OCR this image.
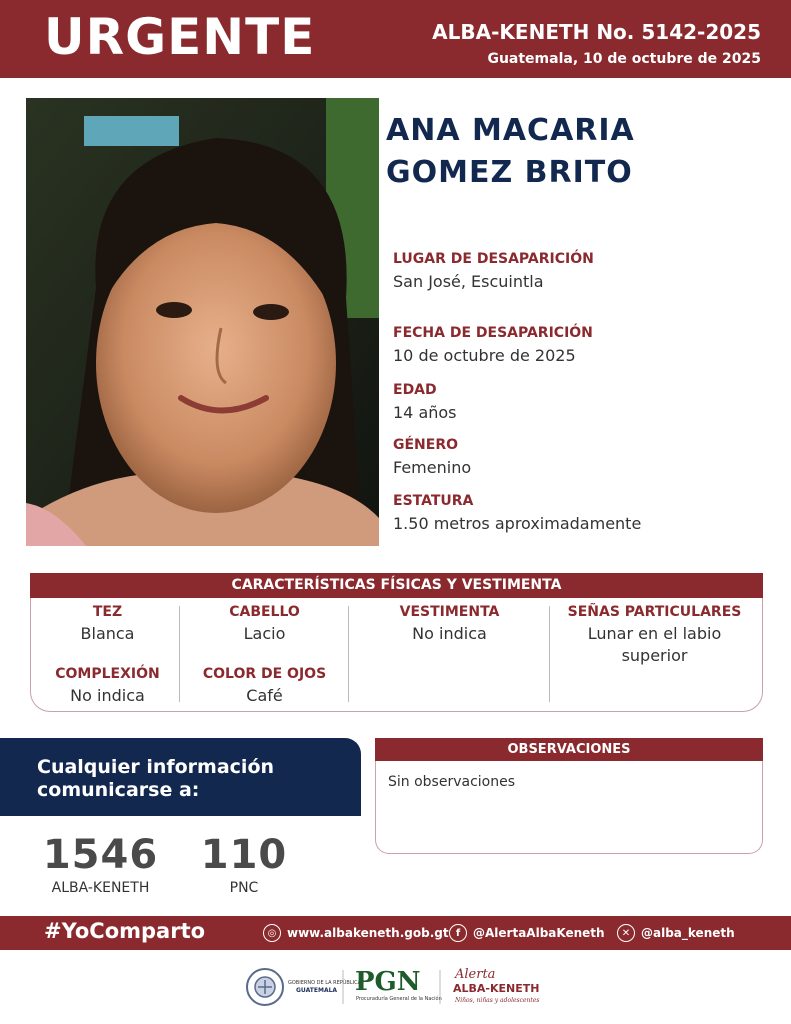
URGENTE	ALBA-KENETH No. 5142-2025
Guatemala, 10 de octubre de 2025
ANA MACARIA
GOMEZ BRITO
LUGAR DE DESAPARICIÓN
San José, Escuintla
FECHA DE DESAPARICIÓN
10 de octubre de 2025
EDAD
14 años
GÉNERO
Femenino
ESTATURA
1.50 metros aproximadamente
CARACTERÍSTICAS FÍSICAS Y VESTIMENTA
TEZ
Blanca
COMPLEXIÓN
No indica
CABELLO
Lacio
COLOR DE OJOS
Café
VESTIMENTA
No indica
SEÑAS PARTICULARES
Lunar en el labio
superior
Cualquier información
comunicarse a:
1546
ALBA-KENETH
110
PNC
OBSERVACIONES
Sin observaciones
#YoComparto	◎ www.albakeneth.gob.gt f	@AlertaAlbaKeneth	✕ @alba_keneth
GOBIERNO DE LA REPÚBLICA
GUATEMALA PGN
Procuraduría General de la Nación
Alerta
ALBA-KENETH
Niños, niñas y adolescentes
